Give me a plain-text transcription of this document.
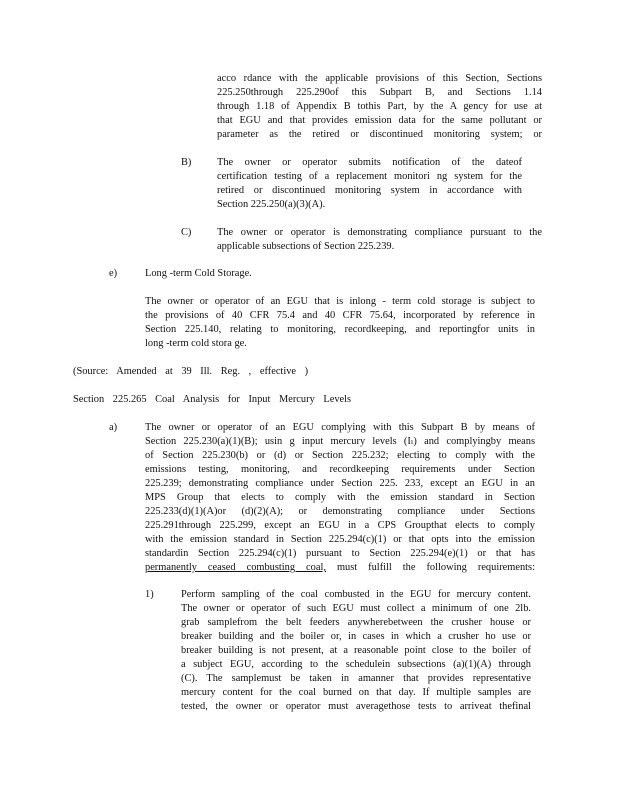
acco rdance with the applicable provisions of this Section, Sections
225.250through 225.290of this Subpart B, and Sections 1.14
through 1.18 of Appendix B tothis Part, by the A gency for use at
that EGU and that provides emission data for the same pollutant or
parameter as the retired or discontinued monitoring system; or
B) The owner or operator submits notification of the dateof
certification testing of a replacement monitori ng system for the
retired or discontinued monitoring system in accordance with
Section 225.250(a)(3)(A).
C) The owner or operator is demonstrating compliance pursuant to the
applicable subsections of Section 225.239.
e)	Long -term Cold Storage.
The owner or operator of an EGU that is inlong - term cold storage is subject to
the provisions of 40 CFR 75.4 and 40 CFR 75.64, incorporated by reference in
Section 225.140, relating to monitoring, recordkeeping, and reportingfor units in
long -term cold stora ge.
(Source: Amended at 39 Ill. Reg. , effective )
Section 225.265 Coal Analysis for Input Mercury Levels
a)	The owner or operator of an EGU complying with this Subpart B by means of
Section 225.230(a)(1)(B); usin g input mercury levels (Iₗ) and complyingby means
of Section 225.230(b) or (d) or Section 225.232; electing to comply with the
emissions testing, monitoring, and recordkeeping requirements under Section
225.239; demonstrating compliance under Section 225. 233, except an EGU in an
MPS Group that elects to comply with the emission standard in Section
225.233(d)(1)(A)or (d)(2)(A); or demonstrating compliance under Sections
225.291through 225.299, except an EGU in a CPS Groupthat elects to comply
with the emission standard in Section 225.294(c)(1) or that opts into the emission
standardin Section 225.294(c)(1) pursuant to Section 225.294(e)(1) or that has
permanently ceased combusting coal, must fulfill the following requirements:
1)	Perform sampling of the coal combusted in the EGU for mercury content.
The owner or operator of such EGU must collect a minimum of one 2lb.
grab samplefrom the belt feeders anywherebetween the crusher house or
breaker building and the boiler or, in cases in which a crusher ho use or
breaker building is not present, at a reasonable point close to the boiler of
a subject EGU, according to the schedulein subsections (a)(1)(A) through
(C). The samplemust be taken in amanner that provides representative
mercury content for the coal burned on that day. If multiple samples are
tested, the owner or operator must averagethose tests to arriveat thefinal
